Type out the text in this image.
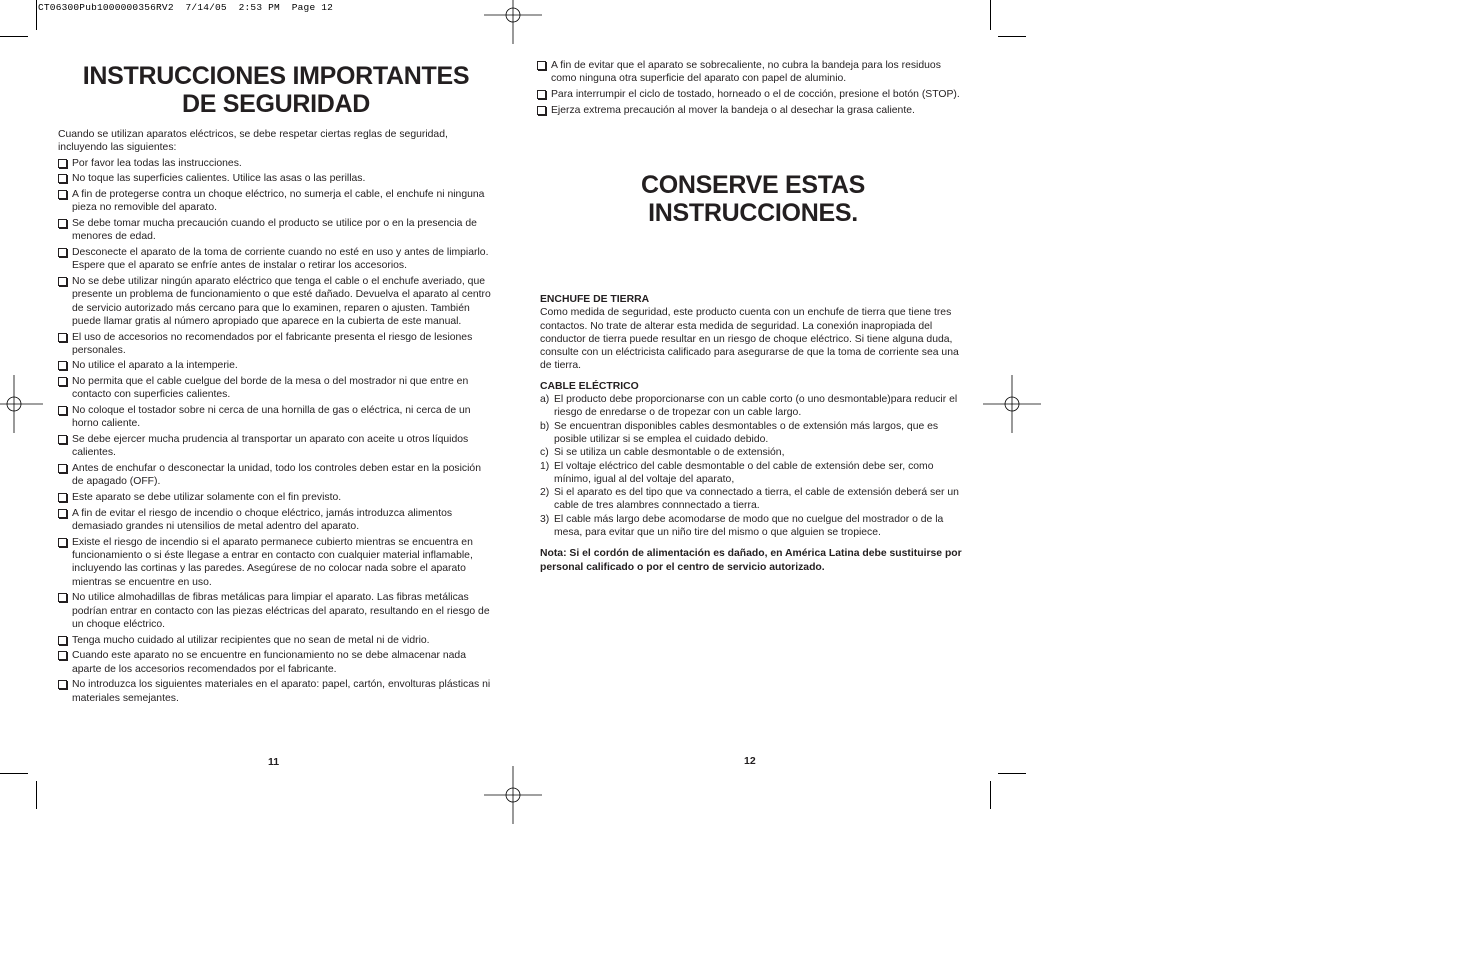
CT06300Pub1000000356RV2  7/14/05  2:53 PM  Page 12
INSTRUCCIONES IMPORTANTES
DE SEGURIDAD

Cuando se utilizan aparatos eléctricos, se debe respetar ciertas reglas de seguridad, incluyendo las siguientes:

Por favor lea todas las instrucciones.
No toque las superficies calientes. Utilice las asas o las perillas.
A fin de protegerse contra un choque eléctrico, no sumerja el cable, el enchufe ni ninguna pieza no removible del aparato.
Se debe tomar mucha precaución cuando el producto se utilice por o en la presencia de menores de edad.
Desconecte el aparato de la toma de corriente cuando no esté en uso y antes de limpiarlo. Espere que el aparato se enfríe antes de instalar o retirar los accesorios.
No se debe utilizar ningún aparato eléctrico que tenga el cable o el enchufe averiado, que presente un problema de funcionamiento o que esté dañado. Devuelva el aparato al centro de servicio autorizado más cercano para que lo examinen, reparen o ajusten. También puede llamar gratis al número apropiado que aparece en la cubierta de este manual.
El uso de accesorios no recomendados por el fabricante presenta el riesgo de lesiones personales.
No utilice el aparato a la intemperie.
No permita que el cable cuelgue del borde de la mesa o del mostrador ni que entre en contacto con superficies calientes.
No coloque el tostador sobre ni cerca de una hornilla de gas o eléctrica, ni cerca de un horno caliente.
Se debe ejercer mucha prudencia al transportar un aparato con aceite u otros líquidos calientes.
Antes de enchufar o desconectar la unidad, todo los controles deben estar en la posición de apagado (OFF).
Este aparato se debe utilizar solamente con el fin previsto.
A fin de evitar el riesgo de incendio o choque eléctrico, jamás introduzca alimentos demasiado grandes ni utensilios de metal adentro del aparato.
Existe el riesgo de incendio si el aparato permanece cubierto mientras se encuentra en funcionamiento o si éste llegase a entrar en contacto con cualquier material inflamable, incluyendo las cortinas y las paredes. Asegúrese de no colocar nada sobre el aparato mientras se encuentre en uso.
No utilice almohadillas de fibras metálicas para limpiar el aparato. Las fibras metálicas podrían entrar en contacto con las piezas eléctricas del aparato, resultando en el riesgo de un choque eléctrico.
Tenga mucho cuidado al utilizar recipientes que no sean de metal ni de vidrio.
Cuando este aparato no se encuentre en funcionamiento no se debe almacenar nada aparte de los accesorios recomendados por el fabricante.
No introduzca los siguientes materiales en el aparato: papel, cartón, envolturas plásticas ni materiales semejantes.
11
A fin de evitar que el aparato se sobrecaliente, no cubra la bandeja para los residuos como ninguna otra superficie del aparato con papel de aluminio.
Para interrumpir el ciclo de tostado, horneado o el de cocción, presione el botón (STOP).
Ejerza extrema precaución al mover la bandeja o al desechar la grasa caliente.
CONSERVE ESTAS
INSTRUCCIONES.

ENCHUFE DE TIERRA

Como medida de seguridad, este producto cuenta con un enchufe de tierra que tiene tres contactos. No trate de alterar esta medida de seguridad. La conexión inapropiada del conductor de tierra puede resultar en un riesgo de choque eléctrico. Si tiene alguna duda, consulte con un eléctricista calificado para asegurarse de que la toma de corriente sea una de tierra.

CABLE ELÉCTRICO

a) El producto debe proporcionarse con un cable corto (o uno desmontable)para reducir el riesgo de enredarse o de tropezar con un cable largo.
b) Se encuentran disponibles cables desmontables o de extensión más largos, que es posible utilizar si se emplea el cuidado debido.
c) Si se utiliza un cable desmontable o de extensión,
1) El voltaje eléctrico del cable desmontable o del cable de extensión debe ser, como mínimo, igual al del voltaje del aparato,
2) Si el aparato es del tipo que va connectado a tierra, el cable de extensión deberá ser un cable de tres alambres connnectado a tierra.
3) El cable más largo debe acomodarse de modo que no cuelgue del mostrador o de la mesa, para evitar que un niño tire del mismo o que alguien se tropiece.

Nota: Si el cordón de alimentación es dañado, en América Latina debe sustituirse por personal calificado o por el centro de servicio autorizado.

12
